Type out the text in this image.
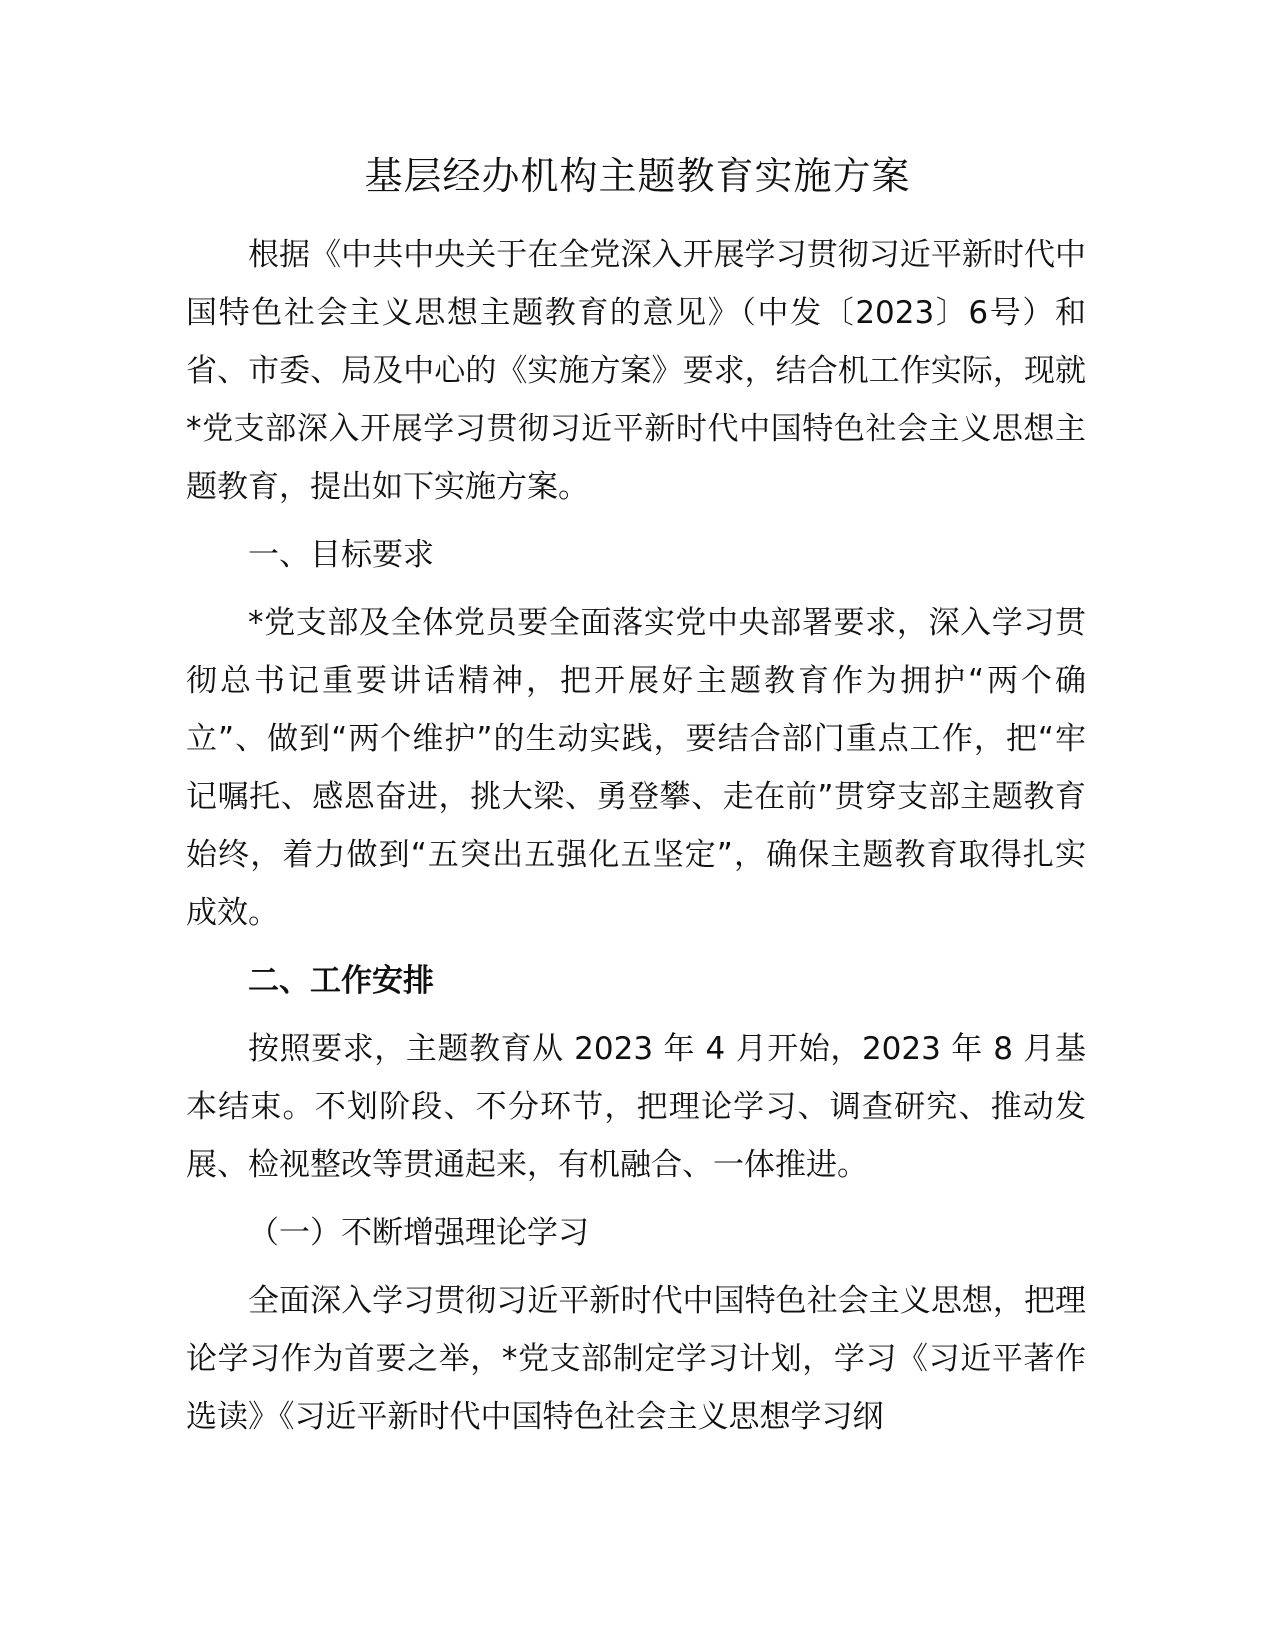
基层经办机构主题教育实施方案

根据《中共中央关于在全党深入开展学习贯彻习近平新时代中国特色社会主义思想主题教育的意见》（中发〔2023〕6号）和省、市委、局及中心的《实施方案》要求，结合机工作实际，现就*党支部深入开展学习贯彻习近平新时代中国特色社会主义思想主题教育，提出如下实施方案。

一、目标要求

*党支部及全体党员要全面落实党中央部署要求，深入学习贯彻总书记重要讲话精神，把开展好主题教育作为拥护“两个确立”、做到“两个维护”的生动实践，要结合部门重点工作，把“牢记嘱托、感恩奋进，挑大梁、勇登攀、走在前”贯穿支部主题教育始终，着力做到“五突出五强化五坚定”，确保主题教育取得扎实成效。

二、工作安排

按照要求，主题教育从 2023 年 4 月开始，2023 年 8 月基本结束。不划阶段、不分环节，把理论学习、调查研究、推动发展、检视整改等贯通起来，有机融合、一体推进。

（一）不断增强理论学习

全面深入学习贯彻习近平新时代中国特色社会主义思想，把理论学习作为首要之举，*党支部制定学习计划，学习《习近平著作选读》《习近平新时代中国特色社会主义思想学习纲
